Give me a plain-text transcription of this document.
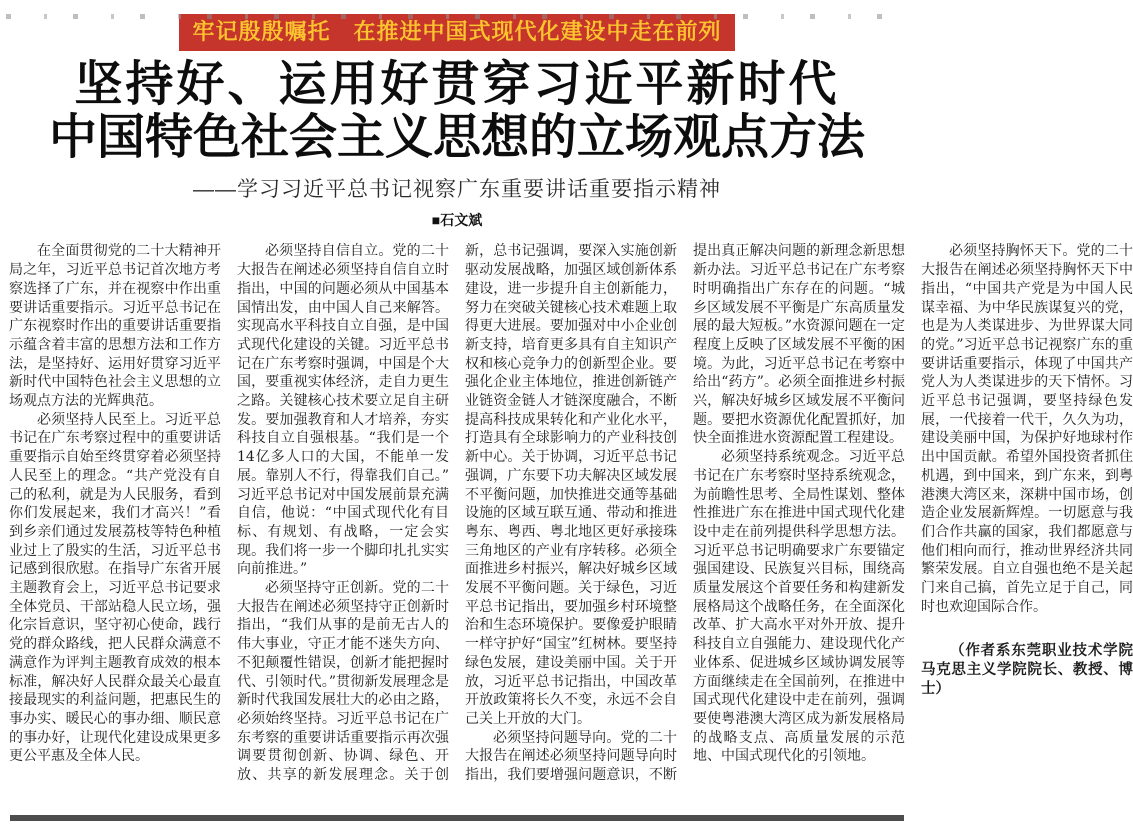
牢记殷殷嘱托　在推进中国式现代化建设中走在前列
坚持好、运用好贯穿习近平新时代
中国特色社会主义思想的立场观点方法
——学习习近平总书记视察广东重要讲话重要指示精神
■石文斌

在全面贯彻党的二十大精神开局之年，习近平总书记首次地方考察选择了广东，并在视察中作出重要讲话重要指示。习近平总书记在广东视察时作出的重要讲话重要指示蕴含着丰富的思想方法和工作方法，是坚持好、运用好贯穿习近平新时代中国特色社会主义思想的立场观点方法的光辉典范。

必须坚持人民至上。习近平总书记在广东考察过程中的重要讲话重要指示自始至终贯穿着必须坚持人民至上的理念。“共产党没有自己的私利，就是为人民服务，看到你们发展起来，我们才高兴！”看到乡亲们通过发展荔枝等特色种植业过上了殷实的生活，习近平总书记感到很欣慰。在指导广东省开展主题教育会上，习近平总书记要求全体党员、干部站稳人民立场，强化宗旨意识，坚守初心使命，践行党的群众路线，把人民群众满意不满意作为评判主题教育成效的根本标准，解决好人民群众最关心最直接最现实的利益问题，把惠民生的事办实、暖民心的事办细、顺民意的事办好，让现代化建设成果更多更公平惠及全体人民。

必须坚持自信自立。党的二十大报告在阐述必须坚持自信自立时指出，中国的问题必须从中国基本国情出发，由中国人自己来解答。实现高水平科技自立自强，是中国式现代化建设的关键。习近平总书记在广东考察时强调，中国是个大国，要重视实体经济，走自力更生之路。关键核心技术要立足自主研发。要加强教育和人才培养，夯实科技自立自强根基。“我们是一个14亿多人口的大国，不能单一发展。靠别人不行，得靠我们自己。”习近平总书记对中国发展前景充满自信，他说：“中国式现代化有目标、有规划、有战略，一定会实现。我们将一步一个脚印扎扎实实向前推进。”

必须坚持守正创新。党的二十大报告在阐述必须坚持守正创新时指出，“我们从事的是前无古人的伟大事业，守正才能不迷失方向、不犯颠覆性错误，创新才能把握时代、引领时代。”贯彻新发展理念是新时代我国发展壮大的必由之路，必须始终坚持。习近平总书记在广东考察的重要讲话重要指示再次强调要贯彻创新、协调、绿色、开放、共享的新发展理念。关于创新，总书记强调，要深入实施创新驱动发展战略，加强区域创新体系建设，进一步提升自主创新能力，努力在突破关键核心技术难题上取得更大进展。要加强对中小企业创新支持，培育更多具有自主知识产权和核心竞争力的创新型企业。要强化企业主体地位，推进创新链产业链资金链人才链深度融合，不断提高科技成果转化和产业化水平，打造具有全球影响力的产业科技创新中心。关于协调，习近平总书记强调，广东要下功夫解决区域发展不平衡问题，加快推进交通等基础设施的区域互联互通、带动和推进粤东、粤西、粤北地区更好承接珠三角地区的产业有序转移。必须全面推进乡村振兴，解决好城乡区域发展不平衡问题。关于绿色，习近平总书记指出，要加强乡村环境整治和生态环境保护。要像爱护眼睛一样守护好“国宝”红树林。要坚持绿色发展，建设美丽中国。关于开放，习近平总书记指出，中国改革开放政策将长久不变，永远不会自己关上开放的大门。

必须坚持问题导向。党的二十大报告在阐述必须坚持问题导向时指出，我们要增强问题意识，不断提出真正解决问题的新理念新思想新办法。习近平总书记在广东考察时明确指出广东存在的问题。“城乡区域发展不平衡是广东高质量发展的最大短板。”水资源问题在一定程度上反映了区域发展不平衡的困境。为此，习近平总书记在考察中给出“药方”。必须全面推进乡村振兴，解决好城乡区域发展不平衡问题。要把水资源优化配置抓好，加快全面推进水资源配置工程建设。

必须坚持系统观念。习近平总书记在广东考察时坚持系统观念，为前瞻性思考、全局性谋划、整体性推进广东在推进中国式现代化建设中走在前列提供科学思想方法。习近平总书记明确要求广东要锚定强国建设、民族复兴目标，围绕高质量发展这个首要任务和构建新发展格局这个战略任务，在全面深化改革、扩大高水平对外开放、提升科技自立自强能力、建设现代化产业体系、促进城乡区域协调发展等方面继续走在全国前列，在推进中国式现代化建设中走在前列，强调要使粤港澳大湾区成为新发展格局的战略支点、高质量发展的示范地、中国式现代化的引领地。

必须坚持胸怀天下。党的二十大报告在阐述必须坚持胸怀天下中指出，“中国共产党是为中国人民谋幸福、为中华民族谋复兴的党，也是为人类谋进步、为世界谋大同的党。”习近平总书记视察广东的重要讲话重要指示，体现了中国共产党人为人类谋进步的天下情怀。习近平总书记强调，要坚持绿色发展，一代接着一代干，久久为功，建设美丽中国，为保护好地球村作出中国贡献。希望外国投资者抓住机遇，到中国来，到广东来，到粤港澳大湾区来，深耕中国市场，创造企业发展新辉煌。一切愿意与我们合作共赢的国家，我们都愿意与他们相向而行，推动世界经济共同繁荣发展。自立自强也绝不是关起门来自己搞，首先立足于自己，同时也欢迎国际合作。

（作者系东莞职业技术学院马克思主义学院院长、教授、博士）
